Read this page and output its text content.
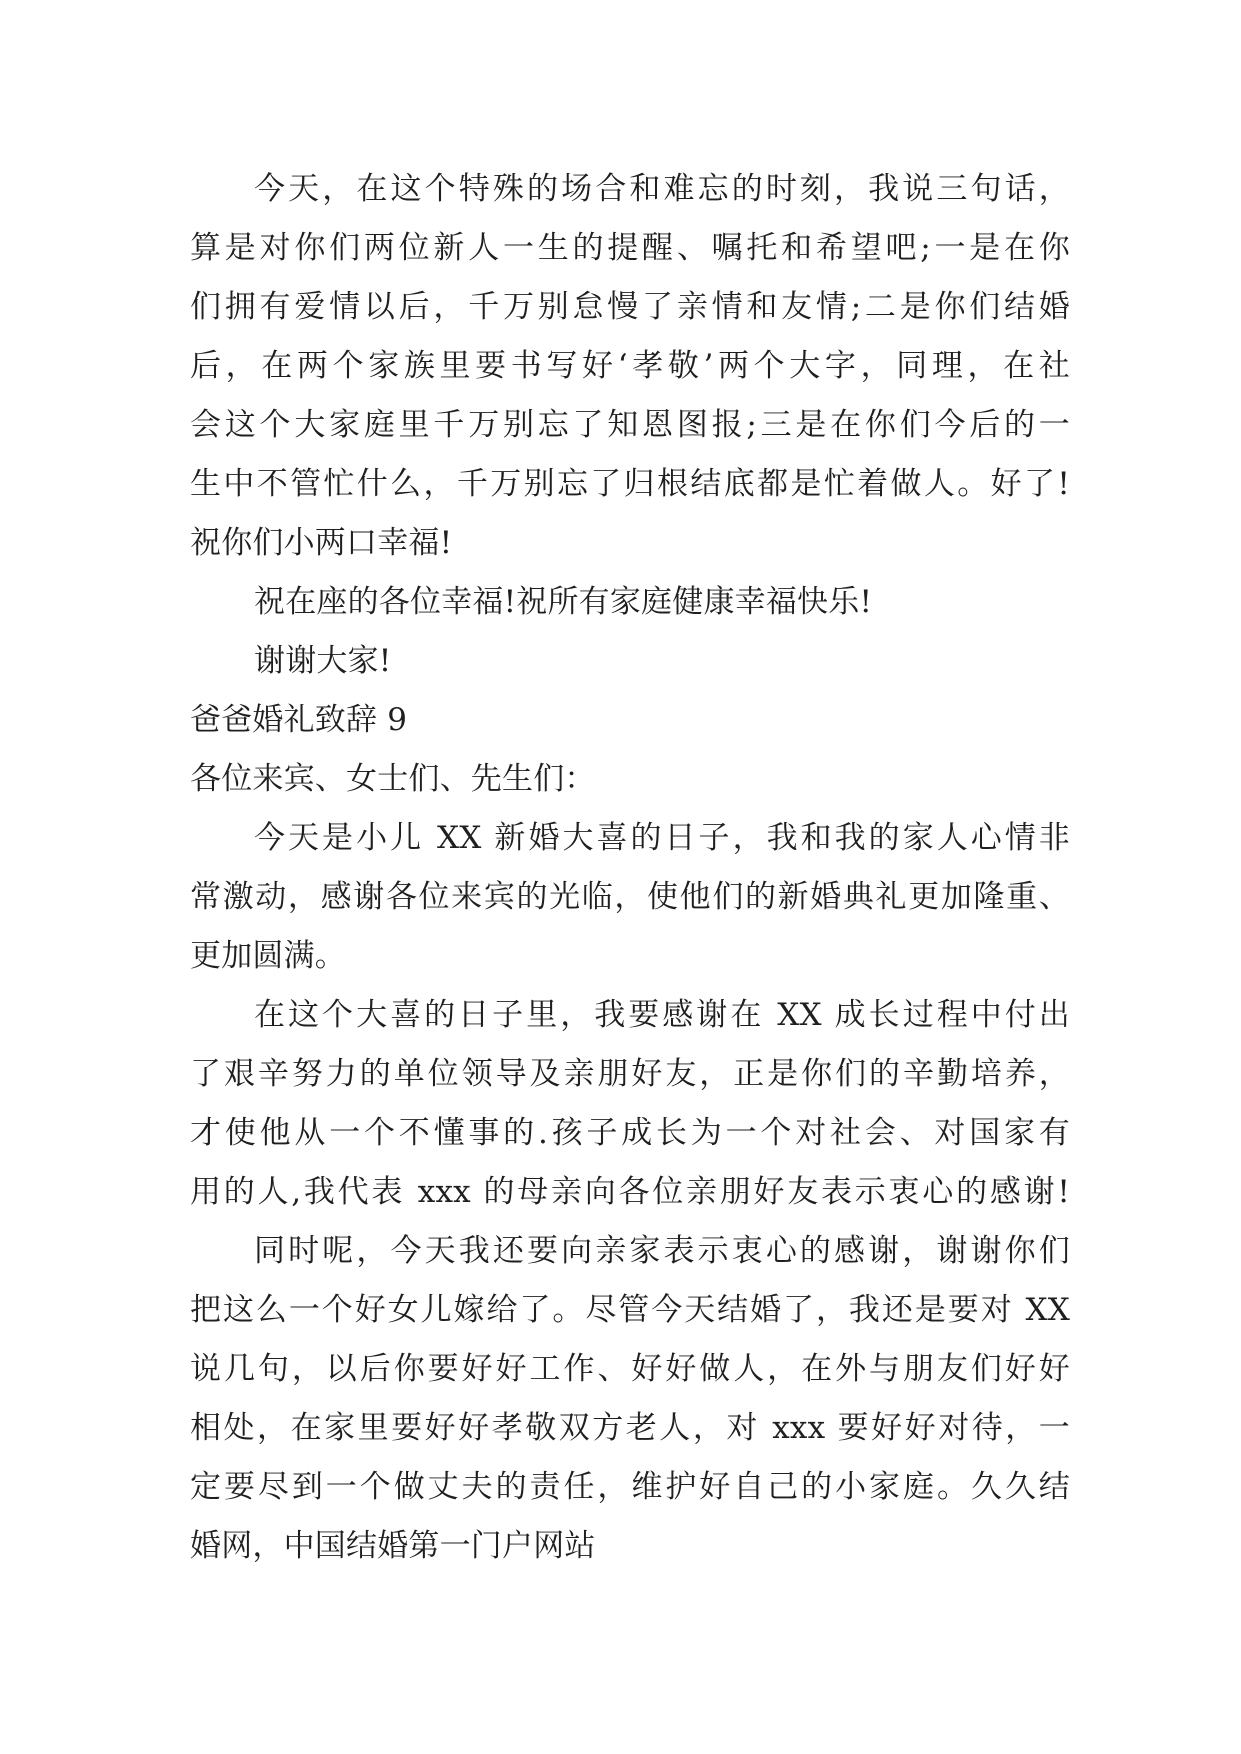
今天，在这个特殊的场合和难忘的时刻，我说三句话，
算是对你们两位新人一生的提醒、嘱托和希望吧;一是在你
们拥有爱情以后，千万别怠慢了亲情和友情;二是你们结婚
后，在两个家族里要书写好‘孝敬’两个大字，同理，在社
会这个大家庭里千万别忘了知恩图报;三是在你们今后的一
生中不管忙什么，千万别忘了归根结底都是忙着做人。好了!
祝你们小两口幸福!
祝在座的各位幸福!祝所有家庭健康幸福快乐!
谢谢大家!
爸爸婚礼致辞 9
各位来宾、女士们、先生们：
今天是小儿 XX 新婚大喜的日子，我和我的家人心情非
常激动，感谢各位来宾的光临，使他们的新婚典礼更加隆重、
更加圆满。
在这个大喜的日子里，我要感谢在 XX 成长过程中付出
了艰辛努力的单位领导及亲朋好友，正是你们的辛勤培养，
才使他从一个不懂事的.孩子成长为一个对社会、对国家有
用的人,我代表 xxx 的母亲向各位亲朋好友表示衷心的感谢!
同时呢，今天我还要向亲家表示衷心的感谢，谢谢你们
把这么一个好女儿嫁给了。尽管今天结婚了，我还是要对 XX
说几句，以后你要好好工作、好好做人，在外与朋友们好好
相处，在家里要好好孝敬双方老人，对 xxx 要好好对待，一
定要尽到一个做丈夫的责任，维护好自己的小家庭。久久结
婚网，中国结婚第一门户网站
